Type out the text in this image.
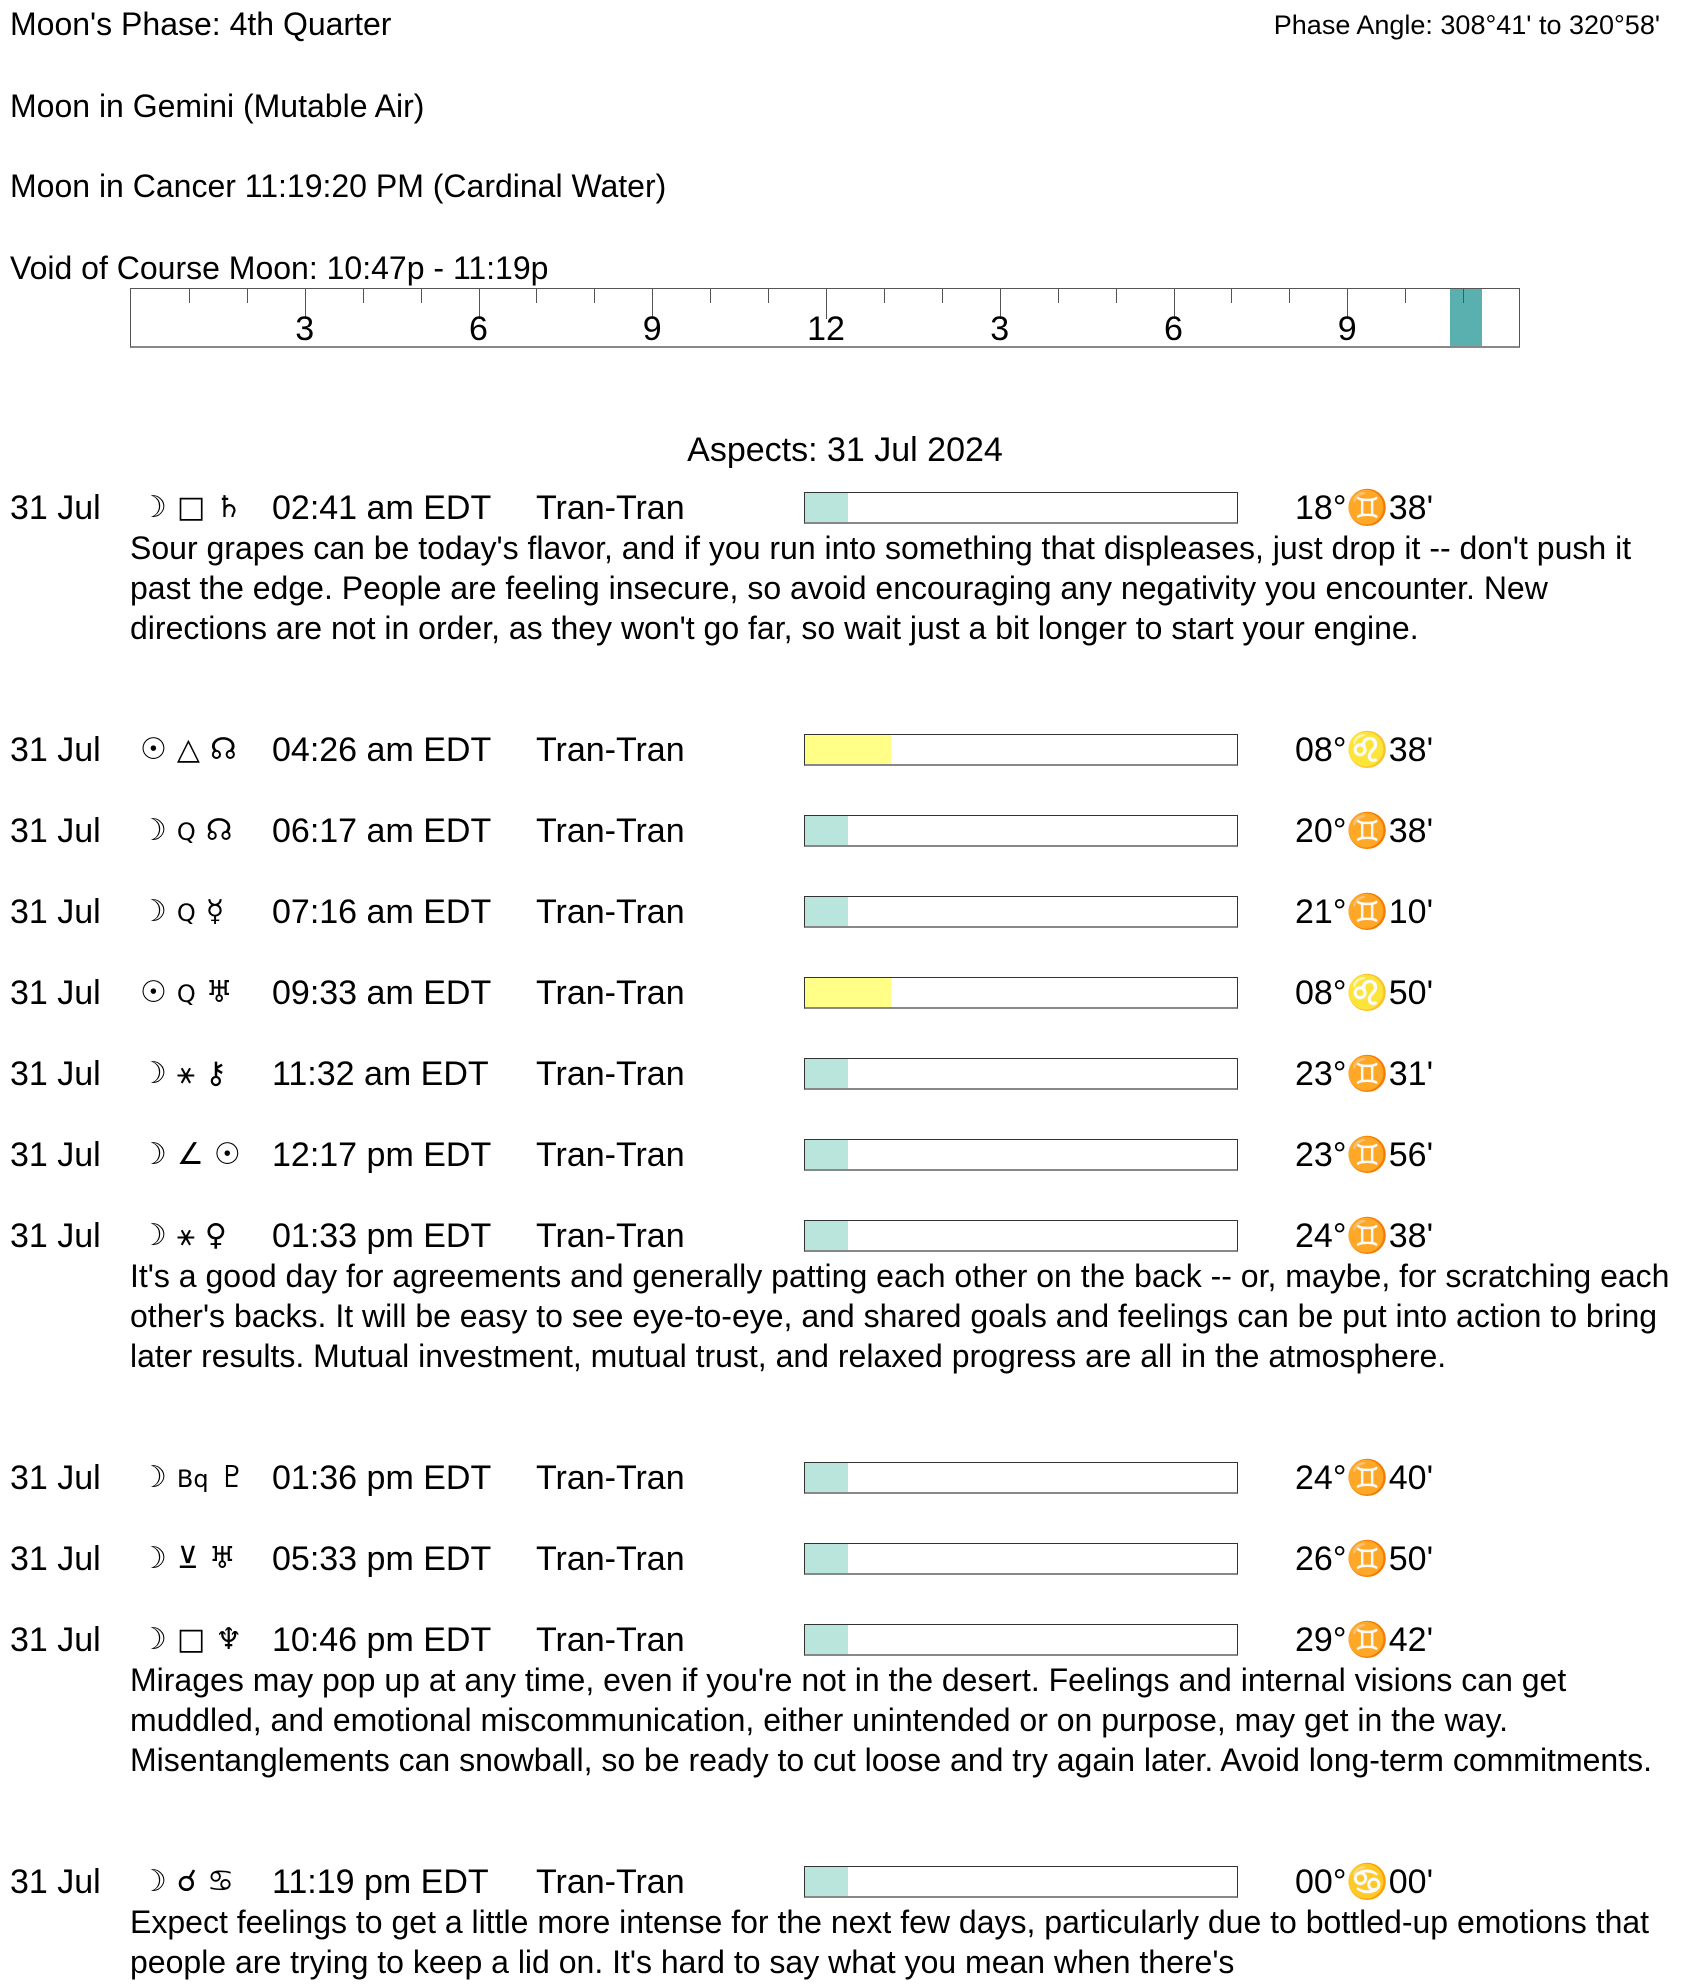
Moon's Phase: 4th Quarter	Phase Angle: 308°41' to 320°58'
Moon in Gemini (Mutable Air)
Moon in Cancer 11:19:20 PM (Cardinal Water)
Void of Course Moon: 10:47p - 11:19p
3	6	9	12	3	6	9
Aspects: 31 Jul 2024
31 Jul ☽ □ ♄ 02:41 am EDT Tran-Tran	18°♊38'
Sour grapes can be today's flavor, and if you run into something that displeases, just drop it -- don't push it past the edge. People are feeling insecure, so avoid encouraging any negativity you encounter. New directions are not in order, as they won't go far, so wait just a bit longer to start your engine.
31 Jul ☉ △ ☊ 04:26 am EDT Tran-Tran	08°♌38'
31 Jul ☽ Q ☊ 06:17 am EDT Tran-Tran	20°♊38'
31 Jul ☽ Q ☿ 07:16 am EDT Tran-Tran	21°♊10'
31 Jul ☉ Q ♅ 09:33 am EDT Tran-Tran	08°♌50'
31 Jul ☽ ⚹ ⚷ 11:32 am EDT Tran-Tran	23°♊31'
31 Jul ☽ ∠ ☉ 12:17 pm EDT Tran-Tran	23°♊56'
31 Jul ☽ ⚹ ♀ 01:33 pm EDT Tran-Tran	24°♊38'
It's a good day for agreements and generally patting each other on the back -- or, maybe, for scratching each other's backs. It will be easy to see eye-to-eye, and shared goals and feelings can be put into action to bring later results. Mutual investment, mutual trust, and relaxed progress are all in the atmosphere.
31 Jul ☽ Bq ♇ 01:36 pm EDT Tran-Tran	24°♊40'
31 Jul ☽ ⊻ ♅ 05:33 pm EDT Tran-Tran	26°♊50'
31 Jul ☽ □ ♆ 10:46 pm EDT Tran-Tran	29°♊42'
Mirages may pop up at any time, even if you're not in the desert. Feelings and internal visions can get muddled, and emotional miscommunication, either unintended or on purpose, may get in the way. Misentanglements can snowball, so be ready to cut loose and try again later. Avoid long-term commitments.
31 Jul ☽ ☌ ♋ 11:19 pm EDT Tran-Tran	00°♋00'
Expect feelings to get a little more intense for the next few days, particularly due to bottled-up emotions that people are trying to keep a lid on. It's hard to say what you mean when there's
